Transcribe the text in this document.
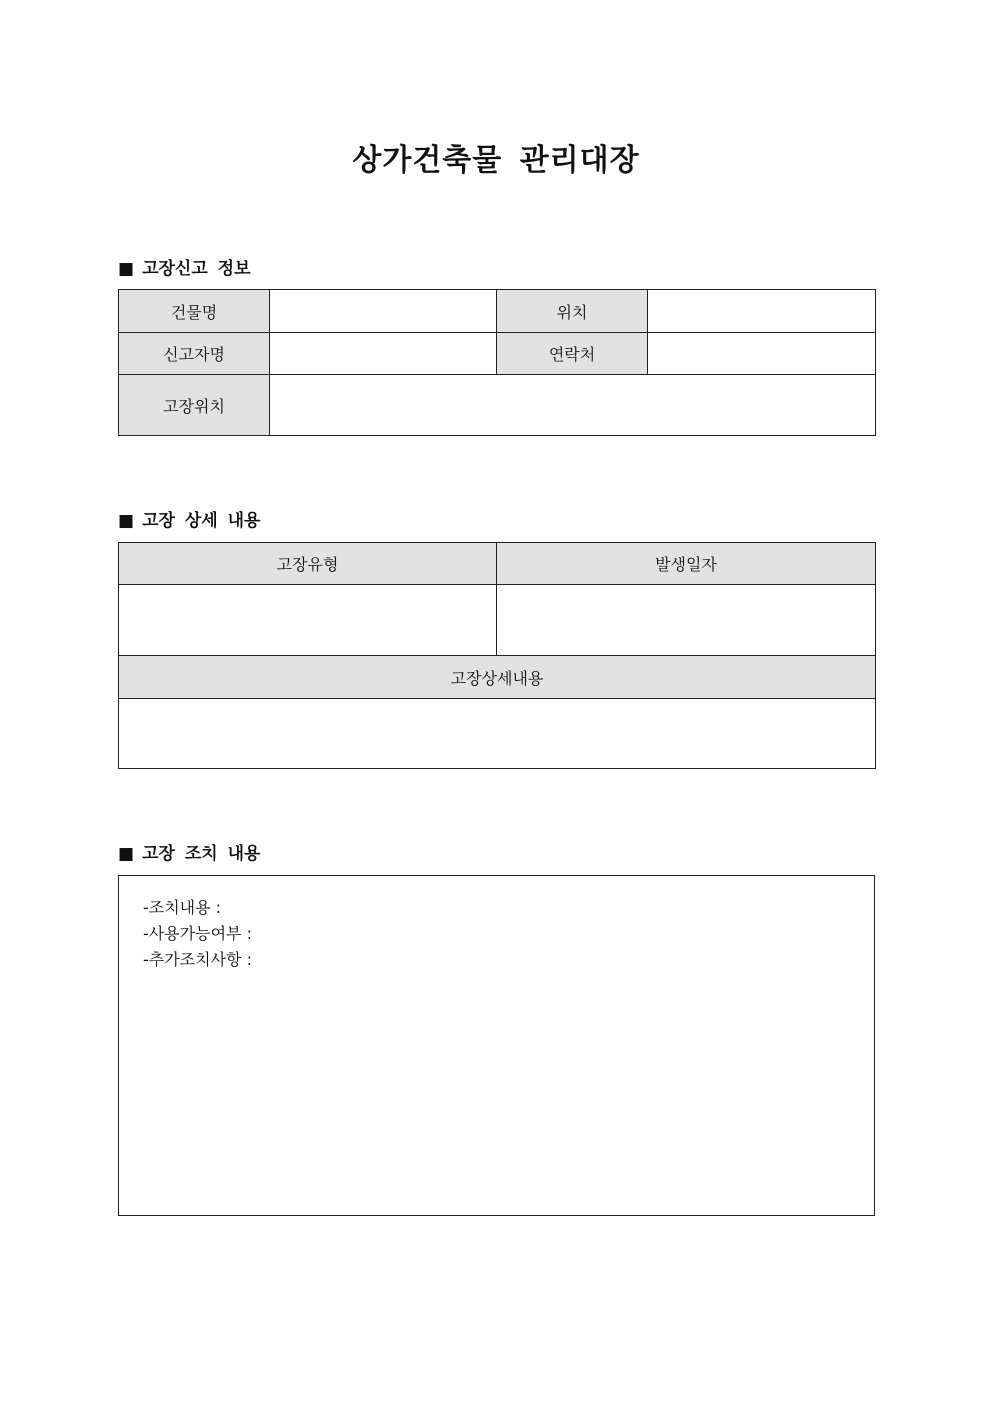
상가건축물 관리대장
■ 고장신고 정보
건물명		위치	
신고자명		연락처	
고장위치			
■ 고장 상세 내용
고장유형	발생일자

고장상세내용	

■ 고장 조치 내용
-조치내용 :
-사용가능여부 :
-추가조치사항 :
